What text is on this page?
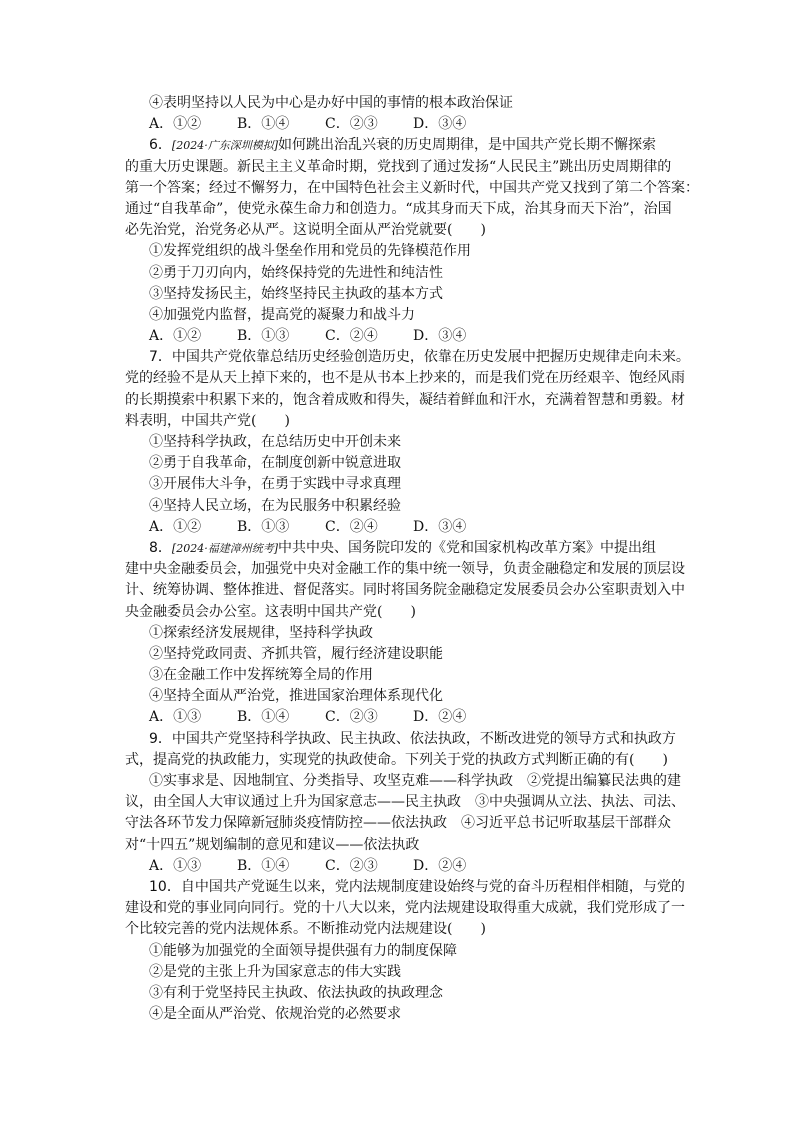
④表明坚持以人民为中心是办好中国的事情的根本政治保证
A．①②	B．①④	C．②③	D．③④
6．[2024·广东深圳模拟]如何跳出治乱兴衰的历史周期律，是中国共产党长期不懈探索
的重大历史课题。新民主主义革命时期，党找到了通过发扬“人民民主”跳出历史周期律的
第一个答案；经过不懈努力，在中国特色社会主义新时代，中国共产党又找到了第二个答案：
通过“自我革命”，使党永葆生命力和创造力。“成其身而天下成，治其身而天下治”，治国
必先治党，治党务必从严。这说明全面从严治党就要(　　)
①发挥党组织的战斗堡垒作用和党员的先锋模范作用
②勇于刀刃向内，始终保持党的先进性和纯洁性
③坚持发扬民主，始终坚持民主执政的基本方式
④加强党内监督，提高党的凝聚力和战斗力
A．①②	B．①③	C．②④	D．③④
7．中国共产党依靠总结历史经验创造历史，依靠在历史发展中把握历史规律走向未来。
党的经验不是从天上掉下来的，也不是从书本上抄来的，而是我们党在历经艰辛、饱经风雨
的长期摸索中积累下来的，饱含着成败和得失，凝结着鲜血和汗水，充满着智慧和勇毅。材
料表明，中国共产党(　　)
①坚持科学执政，在总结历史中开创未来
②勇于自我革命，在制度创新中锐意进取
③开展伟大斗争，在勇于实践中寻求真理
④坚持人民立场，在为民服务中积累经验
A．①②	B．①③	C．②④	D．③④
8．[2024·福建漳州统考]中共中央、国务院印发的《党和国家机构改革方案》中提出组
建中央金融委员会，加强党中央对金融工作的集中统一领导，负责金融稳定和发展的顶层设
计、统筹协调、整体推进、督促落实。同时将国务院金融稳定发展委员会办公室职责划入中
央金融委员会办公室。这表明中国共产党(　　)
①探索经济发展规律，坚持科学执政
②坚持党政同责、齐抓共管，履行经济建设职能
③在金融工作中发挥统筹全局的作用
④坚持全面从严治党，推进国家治理体系现代化
A．①③	B．①④	C．②③	D．②④
9．中国共产党坚持科学执政、民主执政、依法执政，不断改进党的领导方式和执政方
式，提高党的执政能力，实现党的执政使命。下列关于党的执政方式判断正确的有(　　)
①实事求是、因地制宜、分类指导、攻坚克难——科学执政　②党提出编纂民法典的建
议，由全国人大审议通过上升为国家意志——民主执政　③中央强调从立法、执法、司法、
守法各环节发力保障新冠肺炎疫情防控——依法执政　④习近平总书记听取基层干部群众
对“十四五”规划编制的意见和建议——依法执政
A．①③	B．①④	C．②③	D．②④
10．自中国共产党诞生以来，党内法规制度建设始终与党的奋斗历程相伴相随，与党的
建设和党的事业同向同行。党的十八大以来，党内法规建设取得重大成就，我们党形成了一
个比较完善的党内法规体系。不断推动党内法规建设(　　)
①能够为加强党的全面领导提供强有力的制度保障
②是党的主张上升为国家意志的伟大实践
③有利于党坚持民主执政、依法执政的执政理念
④是全面从严治党、依规治党的必然要求
